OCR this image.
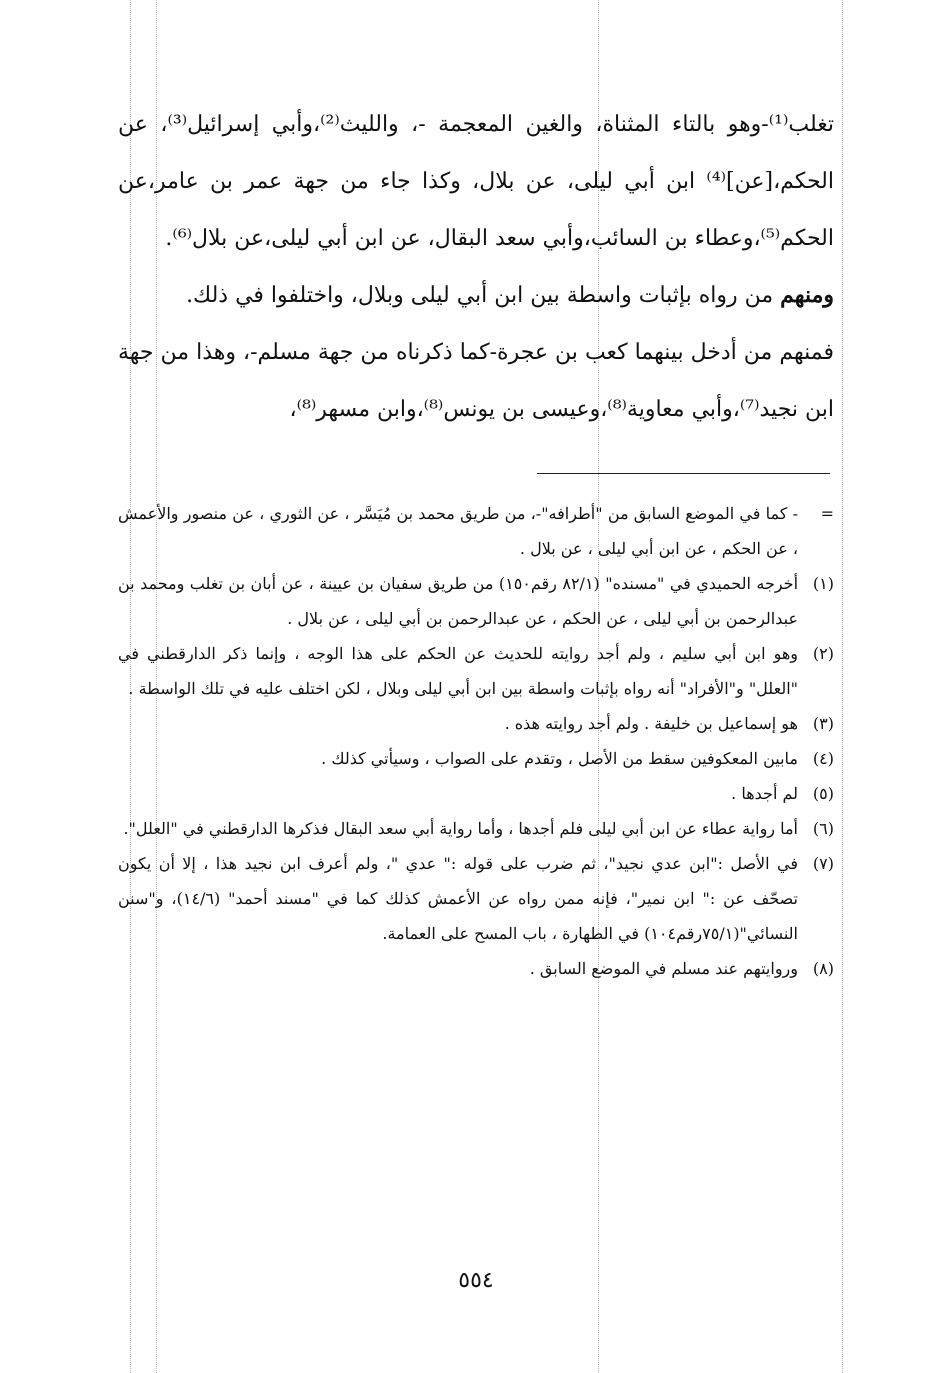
تغلب⁽¹⁾-وهو بالتاء المثناة، والغين المعجمة -، والليث⁽²⁾،وأبي إسرائيل⁽³⁾، عن الحكم،[عن]⁽⁴⁾ ابن أبي ليلى، عن بلال، وكذا جاء من جهة عمر بن عامر،عن الحكم⁽⁵⁾،وعطاء بن السائب،وأبي سعد البقال، عن ابن أبي ليلى،عن بلال⁽⁶⁾.

ومنهم من رواه بإثبات واسطة بين ابن أبي ليلى وبلال، واختلفوا في ذلك.

فمنهم من أدخل بينهما كعب بن عجرة-كما ذكرناه من جهة مسلم-، وهذا من جهة ابن نجيد⁽⁷⁾،وأبي معاوية⁽⁸⁾،وعيسى بن يونس⁽⁸⁾،وابن مسهر⁽⁸⁾،

=
- كما في الموضع السابق من "أطرافه"-، من طريق محمد بن مُيَسَّر ، عن الثوري ، عن منصور والأعمش ، عن الحكم ، عن ابن أبي ليلى ، عن بلال .

(١)
أخرجه الحميدي في "مسنده" (٨٢/١ رقم١٥٠) من طريق سفيان بن عيينة ، عن أبان بن تغلب ومحمد بن عبدالرحمن بن أبي ليلى ، عن الحكم ، عن عبدالرحمن بن أبي ليلى ، عن بلال .

(٢)
وهو ابن أبي سليم ، ولم أجد روايته للحديث عن الحكم على هذا الوجه ، وإنما ذكر الدارقطني في "العلل" و"الأفراد" أنه رواه بإثبات واسطة بين ابن أبي ليلى وبلال ، لكن اختلف عليه في تلك الواسطة .

(٣)
هو إسماعيل بن خليفة . ولم أجد روايته هذه .

(٤)
مابين المعكوفين سقط من الأصل ، وتقدم على الصواب ، وسيأتي كذلك .

(٥)
لم أجدها .

(٦)
أما رواية عطاء عن ابن أبي ليلى فلم أجدها ، وأما رواية أبي سعد البقال فذكرها الدارقطني في "العلل".

(٧)
في الأصل :"ابن عدي نجيد"، ثم ضرب على قوله :" عدي "، ولم أعرف ابن نجيد هذا ، إلا أن يكون تصحّف عن :" ابن نمير"، فإنه ممن رواه عن الأعمش كذلك كما في "مسند أحمد" (١٤/٦)، و"سنن النسائي"(٧٥/١رقم١٠٤) في الطهارة ، باب المسح على العمامة.

(٨)
وروايتهم عند مسلم في الموضع السابق .

٥٥٤
